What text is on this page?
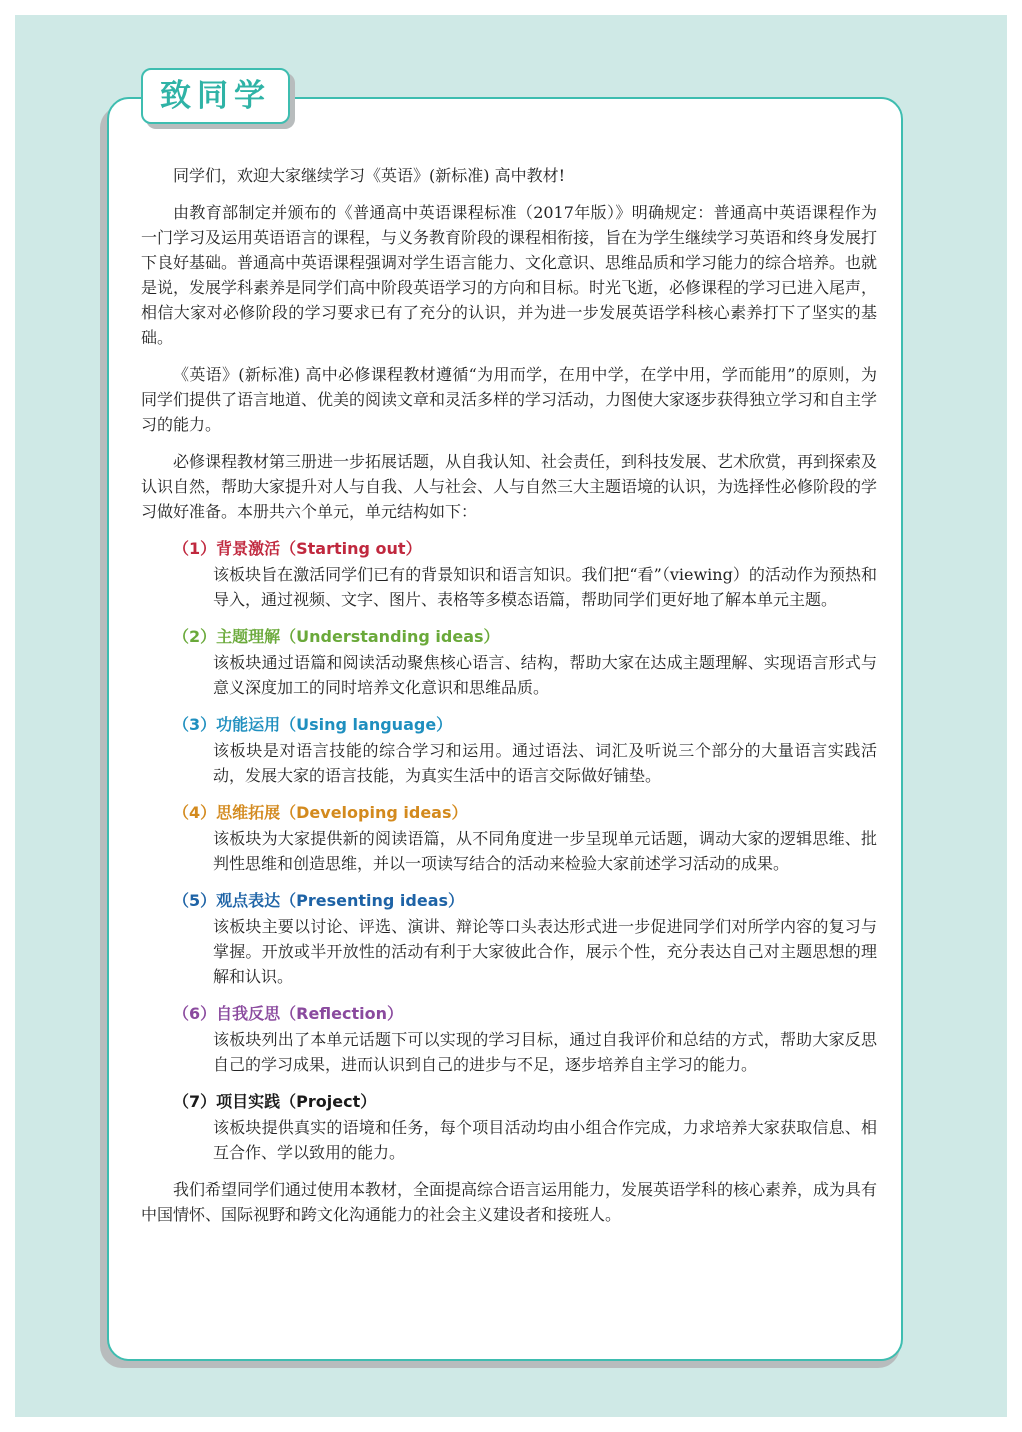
致同学

同学们，欢迎大家继续学习《英语》(新标准) 高中教材!

由教育部制定并颁布的《普通高中英语课程标准（2017年版）》明确规定：普通高中英语课程作为一门学习及运用英语语言的课程，与义务教育阶段的课程相衔接，旨在为学生继续学习英语和终身发展打下良好基础。普通高中英语课程强调对学生语言能力、文化意识、思维品质和学习能力的综合培养。也就是说，发展学科素养是同学们高中阶段英语学习的方向和目标。时光飞逝，必修课程的学习已进入尾声，相信大家对必修阶段的学习要求已有了充分的认识，并为进一步发展英语学科核心素养打下了坚实的基础。

《英语》(新标准) 高中必修课程教材遵循“为用而学，在用中学，在学中用，学而能用”的原则，为同学们提供了语言地道、优美的阅读文章和灵活多样的学习活动，力图使大家逐步获得独立学习和自主学习的能力。

必修课程教材第三册进一步拓展话题，从自我认知、社会责任，到科技发展、艺术欣赏，再到探索及认识自然，帮助大家提升对人与自我、人与社会、人与自然三大主题语境的认识，为选择性必修阶段的学习做好准备。本册共六个单元，单元结构如下：

（1）背景激活（Starting out）
该板块旨在激活同学们已有的背景知识和语言知识。我们把“看”（viewing）的活动作为预热和导入，通过视频、文字、图片、表格等多模态语篇，帮助同学们更好地了解本单元主题。
（2）主题理解（Understanding ideas）
该板块通过语篇和阅读活动聚焦核心语言、结构，帮助大家在达成主题理解、实现语言形式与意义深度加工的同时培养文化意识和思维品质。
（3）功能运用（Using language）
该板块是对语言技能的综合学习和运用。通过语法、词汇及听说三个部分的大量语言实践活动，发展大家的语言技能，为真实生活中的语言交际做好铺垫。
（4）思维拓展（Developing ideas）
该板块为大家提供新的阅读语篇，从不同角度进一步呈现单元话题，调动大家的逻辑思维、批判性思维和创造思维，并以一项读写结合的活动来检验大家前述学习活动的成果。
（5）观点表达（Presenting ideas）
该板块主要以讨论、评选、演讲、辩论等口头表达形式进一步促进同学们对所学内容的复习与掌握。开放或半开放性的活动有利于大家彼此合作，展示个性，充分表达自己对主题思想的理解和认识。
（6）自我反思（Reflection）
该板块列出了本单元话题下可以实现的学习目标，通过自我评价和总结的方式，帮助大家反思自己的学习成果，进而认识到自己的进步与不足，逐步培养自主学习的能力。
（7）项目实践（Project）
该板块提供真实的语境和任务，每个项目活动均由小组合作完成，力求培养大家获取信息、相互合作、学以致用的能力。

我们希望同学们通过使用本教材，全面提高综合语言运用能力，发展英语学科的核心素养，成为具有中国情怀、国际视野和跨文化沟通能力的社会主义建设者和接班人。
